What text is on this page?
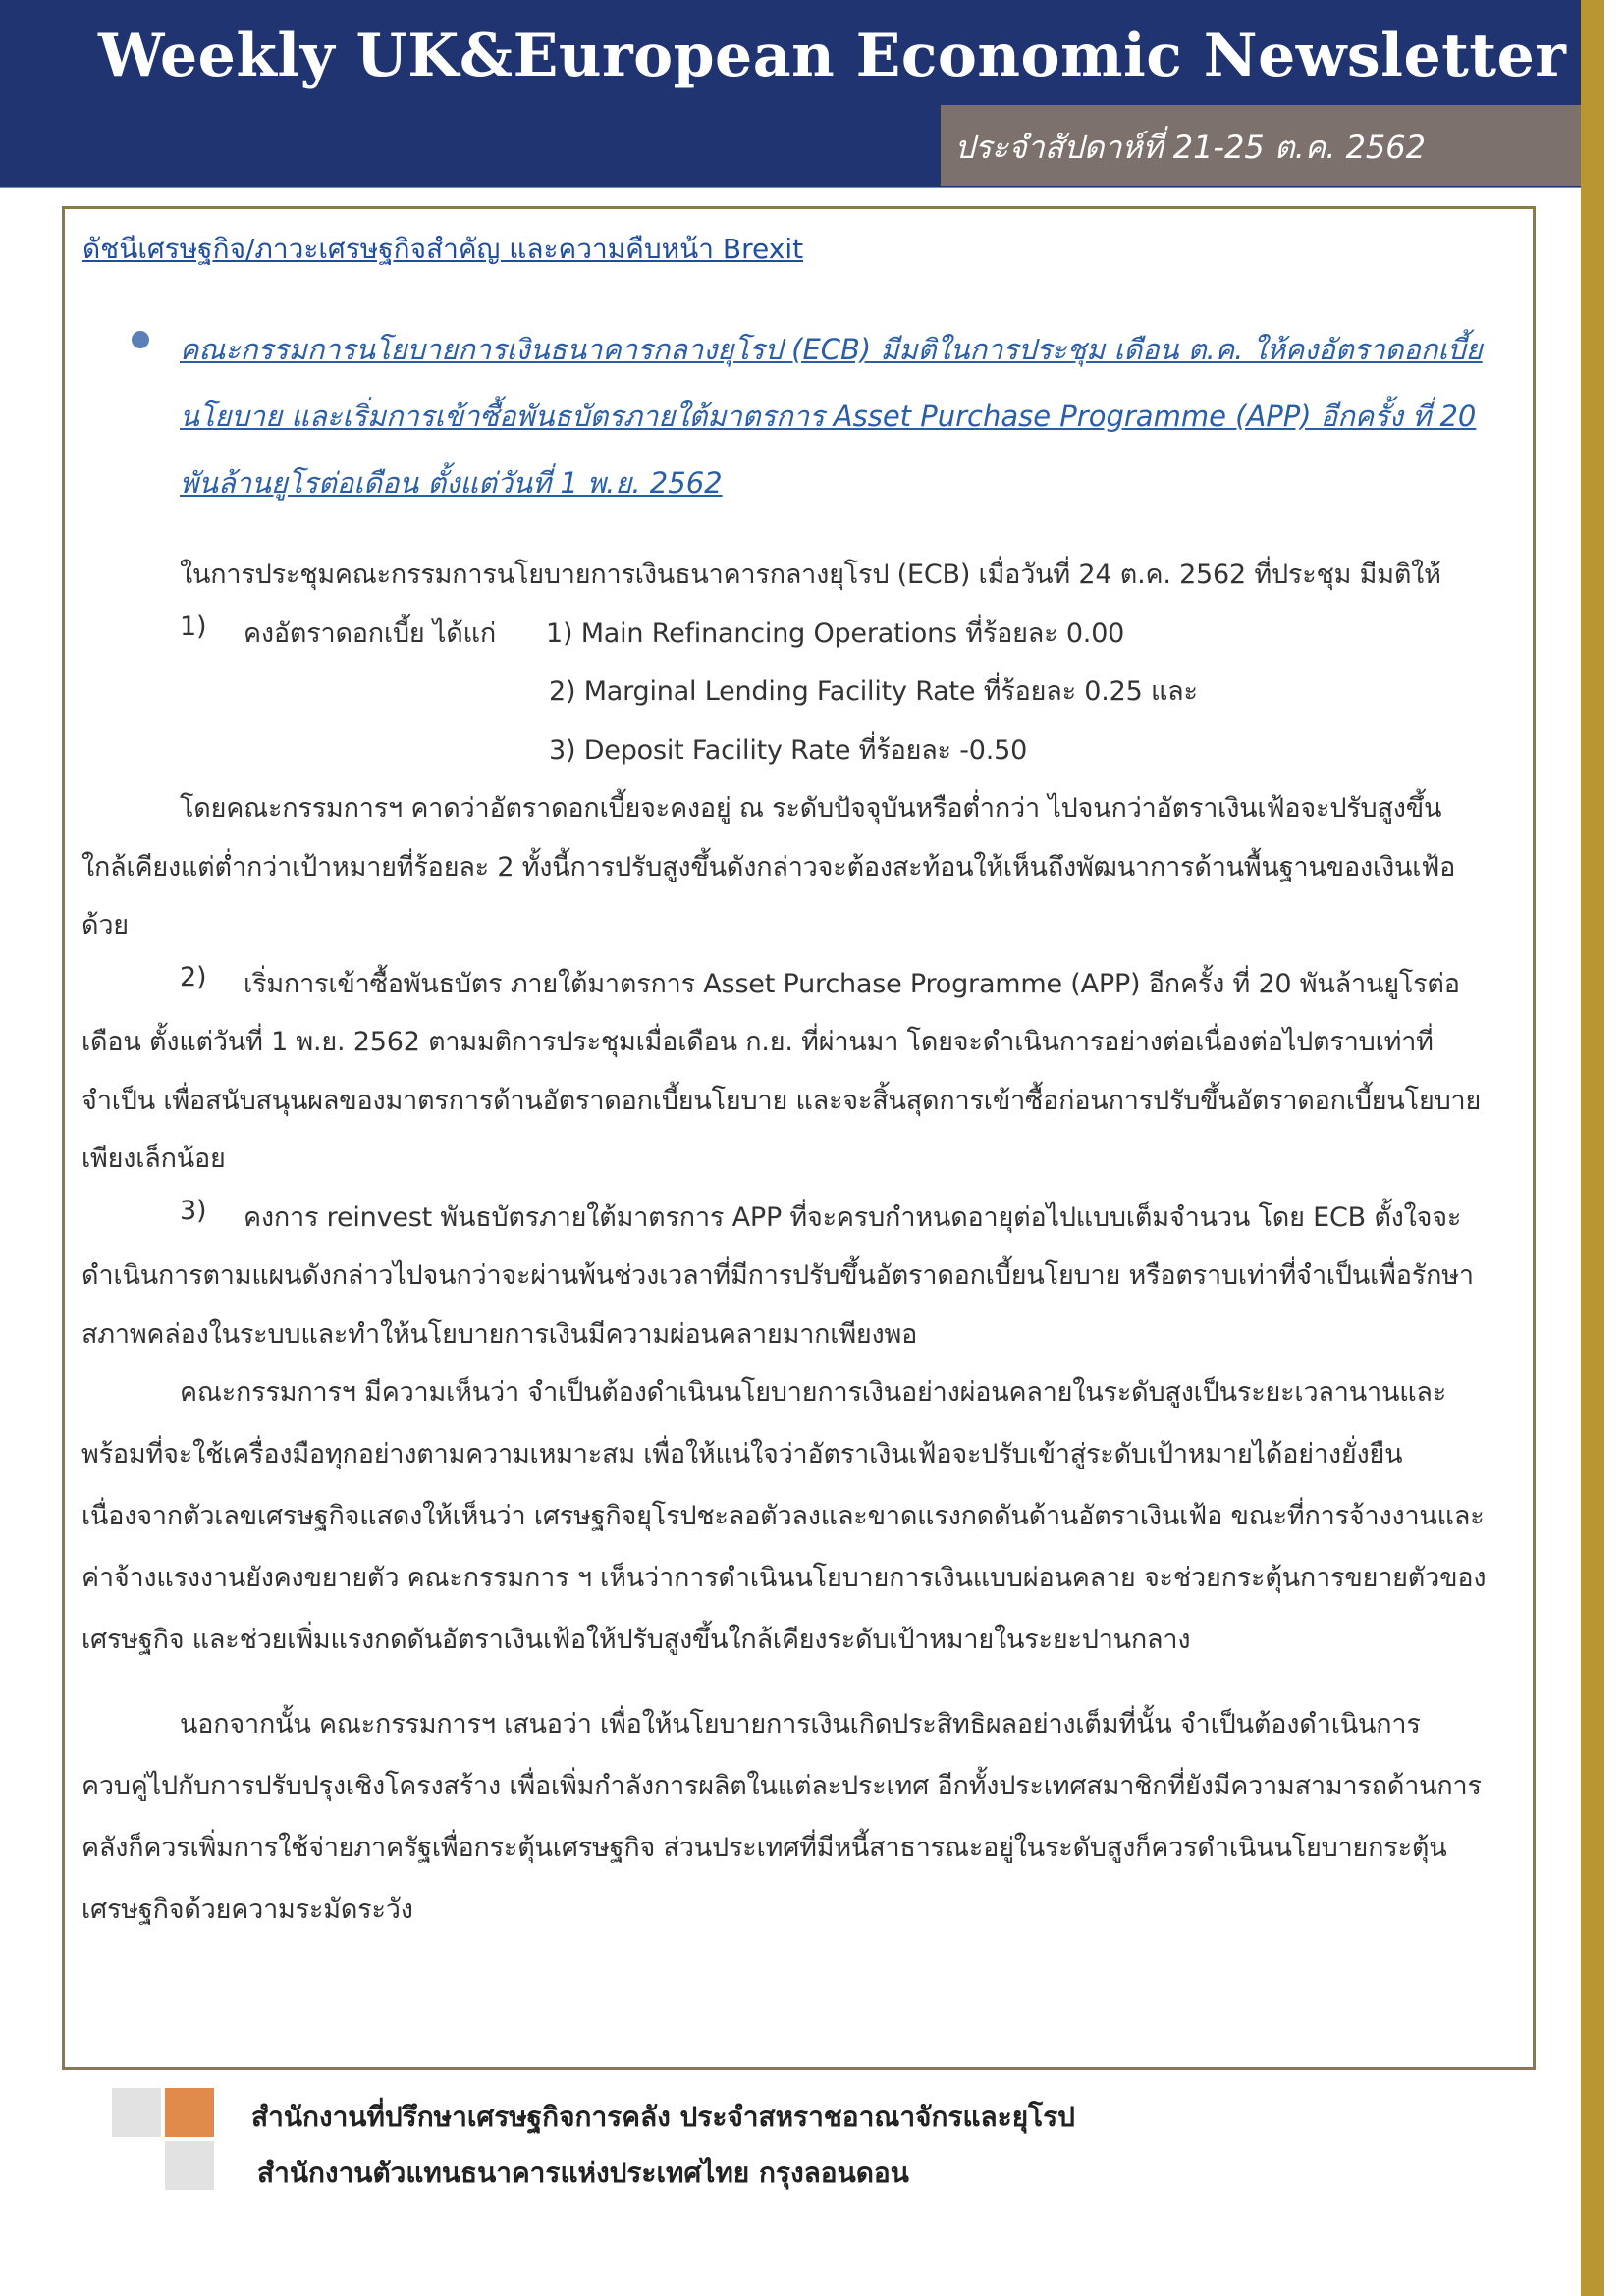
Weekly UK&European Economic Newsletter
ประจำสัปดาห์ที่ 21-25 ต.ค. 2562
ดัชนีเศรษฐกิจ/ภาวะเศรษฐกิจสำคัญ และความคืบหน้า Brexit
คณะกรรมการนโยบายการเงินธนาคารกลางยุโรป (ECB) มีมติในการประชุม เดือน ต.ค. ให้คงอัตราดอกเบี้ย
นโยบาย และเริ่มการเข้าซื้อพันธบัตรภายใต้มาตรการ Asset Purchase Programme (APP) อีกครั้ง ที่ 20
พันล้านยูโรต่อเดือน ตั้งแต่วันที่ 1 พ.ย. 2562
ในการประชุมคณะกรรมการนโยบายการเงินธนาคารกลางยุโรป (ECB) เมื่อวันที่ 24 ต.ค. 2562 ที่ประชุม มีมติให้
1) คงอัตราดอกเบี้ย ได้แก่ 1) Main Refinancing Operations ที่ร้อยละ 0.00
2) Marginal Lending Facility Rate ที่ร้อยละ 0.25 และ
3) Deposit Facility Rate ที่ร้อยละ -0.50
โดยคณะกรรมการฯ คาดว่าอัตราดอกเบี้ยจะคงอยู่ ณ ระดับปัจจุบันหรือต่ำกว่า ไปจนกว่าอัตราเงินเฟ้อจะปรับสูงขึ้น
ใกล้เคียงแต่ต่ำกว่าเป้าหมายที่ร้อยละ 2 ทั้งนี้การปรับสูงขึ้นดังกล่าวจะต้องสะท้อนให้เห็นถึงพัฒนาการด้านพื้นฐานของเงินเฟ้อ
ด้วย
2) เริ่มการเข้าซื้อพันธบัตร ภายใต้มาตรการ Asset Purchase Programme (APP) อีกครั้ง ที่ 20 พันล้านยูโรต่อ
เดือน ตั้งแต่วันที่ 1 พ.ย. 2562 ตามมติการประชุมเมื่อเดือน ก.ย. ที่ผ่านมา โดยจะดำเนินการอย่างต่อเนื่องต่อไปตราบเท่าที่
จำเป็น เพื่อสนับสนุนผลของมาตรการด้านอัตราดอกเบี้ยนโยบาย และจะสิ้นสุดการเข้าซื้อก่อนการปรับขึ้นอัตราดอกเบี้ยนโยบาย
เพียงเล็กน้อย
3) คงการ reinvest พันธบัตรภายใต้มาตรการ APP ที่จะครบกำหนดอายุต่อไปแบบเต็มจำนวน โดย ECB ตั้งใจจะ
ดำเนินการตามแผนดังกล่าวไปจนกว่าจะผ่านพ้นช่วงเวลาที่มีการปรับขึ้นอัตราดอกเบี้ยนโยบาย หรือตราบเท่าที่จำเป็นเพื่อรักษา
สภาพคล่องในระบบและทำให้นโยบายการเงินมีความผ่อนคลายมากเพียงพอ
คณะกรรมการฯ มีความเห็นว่า จำเป็นต้องดำเนินนโยบายการเงินอย่างผ่อนคลายในระดับสูงเป็นระยะเวลานานและ
พร้อมที่จะใช้เครื่องมือทุกอย่างตามความเหมาะสม เพื่อให้แน่ใจว่าอัตราเงินเฟ้อจะปรับเข้าสู่ระดับเป้าหมายได้อย่างยั่งยืน
เนื่องจากตัวเลขเศรษฐกิจแสดงให้เห็นว่า เศรษฐกิจยุโรปชะลอตัวลงและขาดแรงกดดันด้านอัตราเงินเฟ้อ ขณะที่การจ้างงานและ
ค่าจ้างแรงงานยังคงขยายตัว คณะกรรมการ ฯ เห็นว่าการดำเนินนโยบายการเงินแบบผ่อนคลาย จะช่วยกระตุ้นการขยายตัวของ
เศรษฐกิจ และช่วยเพิ่มแรงกดดันอัตราเงินเฟ้อให้ปรับสูงขึ้นใกล้เคียงระดับเป้าหมายในระยะปานกลาง
นอกจากนั้น คณะกรรมการฯ เสนอว่า เพื่อให้นโยบายการเงินเกิดประสิทธิผลอย่างเต็มที่นั้น จำเป็นต้องดำเนินการ
ควบคู่ไปกับการปรับปรุงเชิงโครงสร้าง เพื่อเพิ่มกำลังการผลิตในแต่ละประเทศ อีกทั้งประเทศสมาชิกที่ยังมีความสามารถด้านการ
คลังก็ควรเพิ่มการใช้จ่ายภาครัฐเพื่อกระตุ้นเศรษฐกิจ ส่วนประเทศที่มีหนี้สาธารณะอยู่ในระดับสูงก็ควรดำเนินนโยบายกระตุ้น
เศรษฐกิจด้วยความระมัดระวัง
สำนักงานที่ปรึกษาเศรษฐกิจการคลัง ประจำสหราชอาณาจักรและยุโรป
สำนักงานตัวแทนธนาคารแห่งประเทศไทย กรุงลอนดอน
